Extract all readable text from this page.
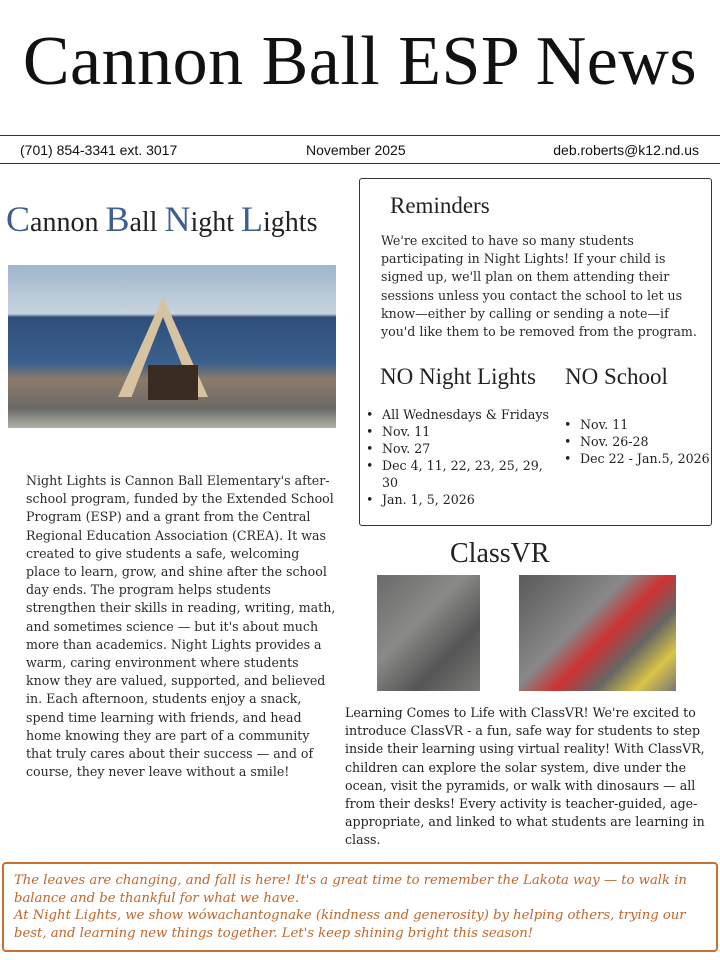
Cannon Ball ESP News
(701) 854-3341 ext. 3017	November 2025	deb.roberts@k12.nd.us
Cannon Ball Night Lights

Night Lights is Cannon Ball Elementary's after-school program, funded by the Extended School Program (ESP) and a grant from the Central Regional Education Association (CREA). It was created to give students a safe, welcoming place to learn, grow, and shine after the school day ends. The program helps students strengthen their skills in reading, writing, math, and sometimes science — but it's about much more than academics. Night Lights provides a warm, caring environment where students know they are valued, supported, and believed in. Each afternoon, students enjoy a snack, spend time learning with friends, and head home knowing they are part of a community that truly cares about their success — and of course, they never leave without a smile!

Reminders

We're excited to have so many students participating in Night Lights! If your child is signed up, we'll plan on them attending their sessions unless you contact the school to let us know—either by calling or sending a note—if you'd like them to be removed from the program.

NO Night Lights NO School
• All Wednesdays & Fridays
• Nov. 11
• Nov. 27
• Dec 4, 11, 22, 23, 25, 29, 30
• Jan. 1, 5, 2026
• Nov. 11
• Nov. 26-28
• Dec 22 - Jan.5, 2026
ClassVR

Learning Comes to Life with ClassVR! We're excited to introduce ClassVR - a fun, safe way for students to step inside their learning using virtual reality! With ClassVR, children can explore the solar system, dive under the ocean, visit the pyramids, or walk with dinosaurs — all from their desks! Every activity is teacher-guided, age-appropriate, and linked to what students are learning in class.

The leaves are changing, and fall is here! It's a great time to remember the Lakota way — to walk in balance and be thankful for what we have.
At Night Lights, we show wówachantognake (kindness and generosity) by helping others, trying our best, and learning new things together. Let's keep shining bright this season!
